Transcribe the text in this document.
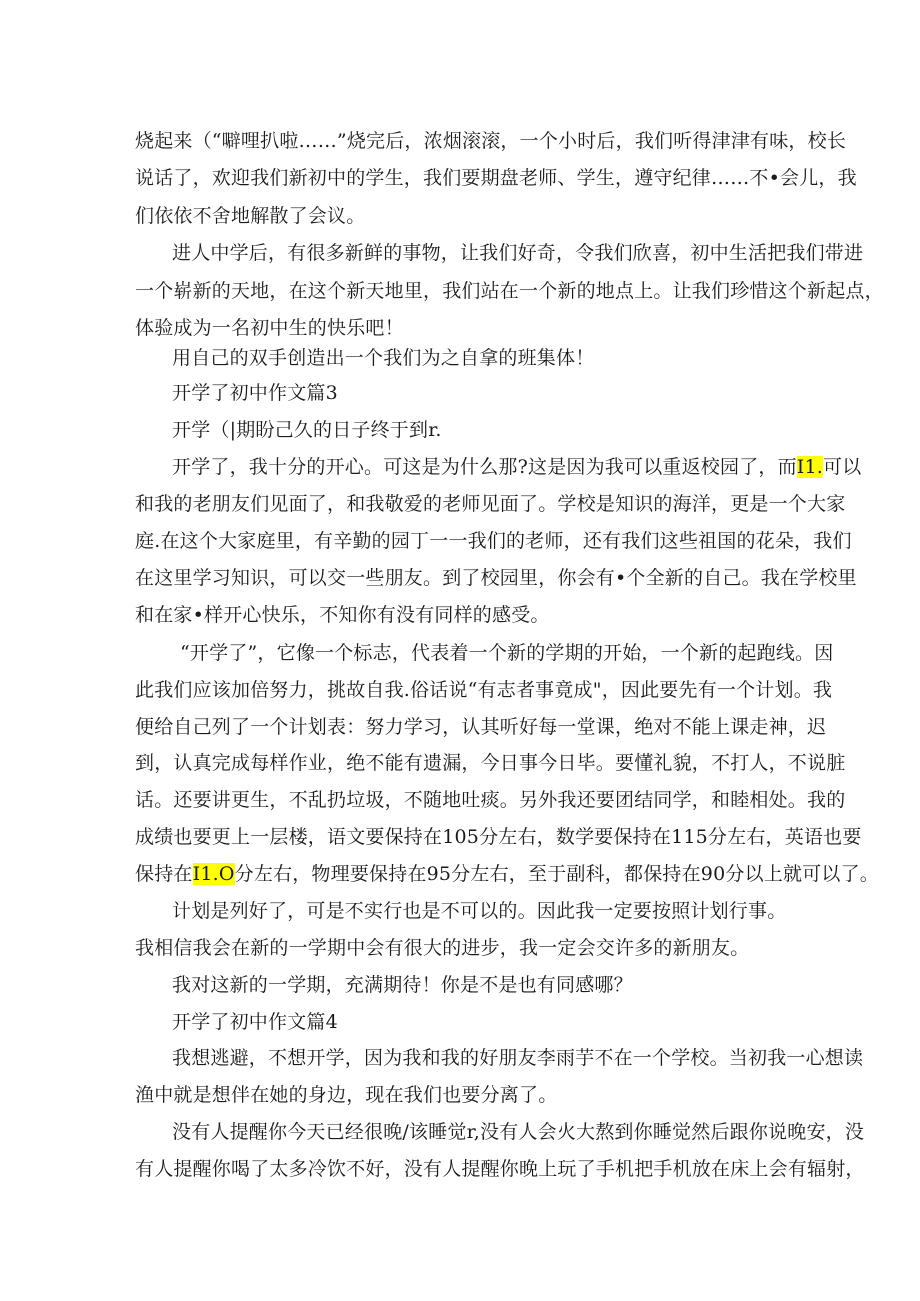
烧起来（“噼哩扒啦……”烧完后，浓烟滚滚，一个小时后，我们听得津津有味，校长
说话了，欢迎我们新初中的学生，我们要期盘老师、学生，遵守纪律……不•会儿，我
们依依不舍地解散了会议。
进人中学后，有很多新鲜的事物，让我们好奇，令我们欣喜，初中生活把我们带进
一个崭新的天地，在这个新天地里，我们站在一个新的地点上。让我们珍惜这个新起点，
体验成为一名初中生的快乐吧！
用自己的双手创造出一个我们为之自拿的班集体！
开学了初中作文篇3
开学（|期盼己久的日子终于到r.
开学了，我十分的开心。可这是为什么那?这是因为我可以重返校园了，而I1.可以
和我的老朋友们见面了，和我敬爱的老师见面了。学校是知识的海洋，更是一个大家
庭.在这个大家庭里，有辛勤的园丁一一我们的老师，还有我们这些祖国的花朵，我们
在这里学习知识，可以交一些朋友。到了校园里，你会有•个全新的自己。我在学校里
和在家•样开心快乐，不知你有没有同样的感受。
“开学了”，它像一个标志，代表着一个新的学期的开始，一个新的起跑线。因
此我们应该加倍努力，挑故自我.俗话说“有志者事竟成"，因此要先有一个计划。我
便给自己列了一个计划表：努力学习，认其听好每一堂课，绝对不能上课走神，迟
到，认真完成每样作业，绝不能有遗漏，今日事今日毕。要懂礼貌，不打人，不说脏
话。还要讲更生，不乱扔垃圾，不随地吐痰。另外我还要团结同学，和睦相处。我的
成绩也要更上一层楼，语文要保持在105分左右，数学要保持在115分左右，英语也要
保持在I1.O分左右，物理要保持在95分左右，至于副科，都保持在90分以上就可以了。
计划是列好了，可是不实行也是不可以的。因此我一定要按照计划行事。
我相信我会在新的一学期中会有很大的进步，我一定会交许多的新朋友。
我对这新的一学期，充满期待！你是不是也有同感哪？
开学了初中作文篇4
我想逃避，不想开学，因为我和我的好朋友李雨芋不在一个学校。当初我一心想读
渔中就是想伴在她的身边，现在我们也要分离了。
没有人提醒你今天已经很晚/该睡觉r,没有人会火大熬到你睡觉然后跟你说晚安，没
有人提醒你喝了太多冷饮不好，没有人提醒你晚上玩了手机把手机放在床上会有辐射，
